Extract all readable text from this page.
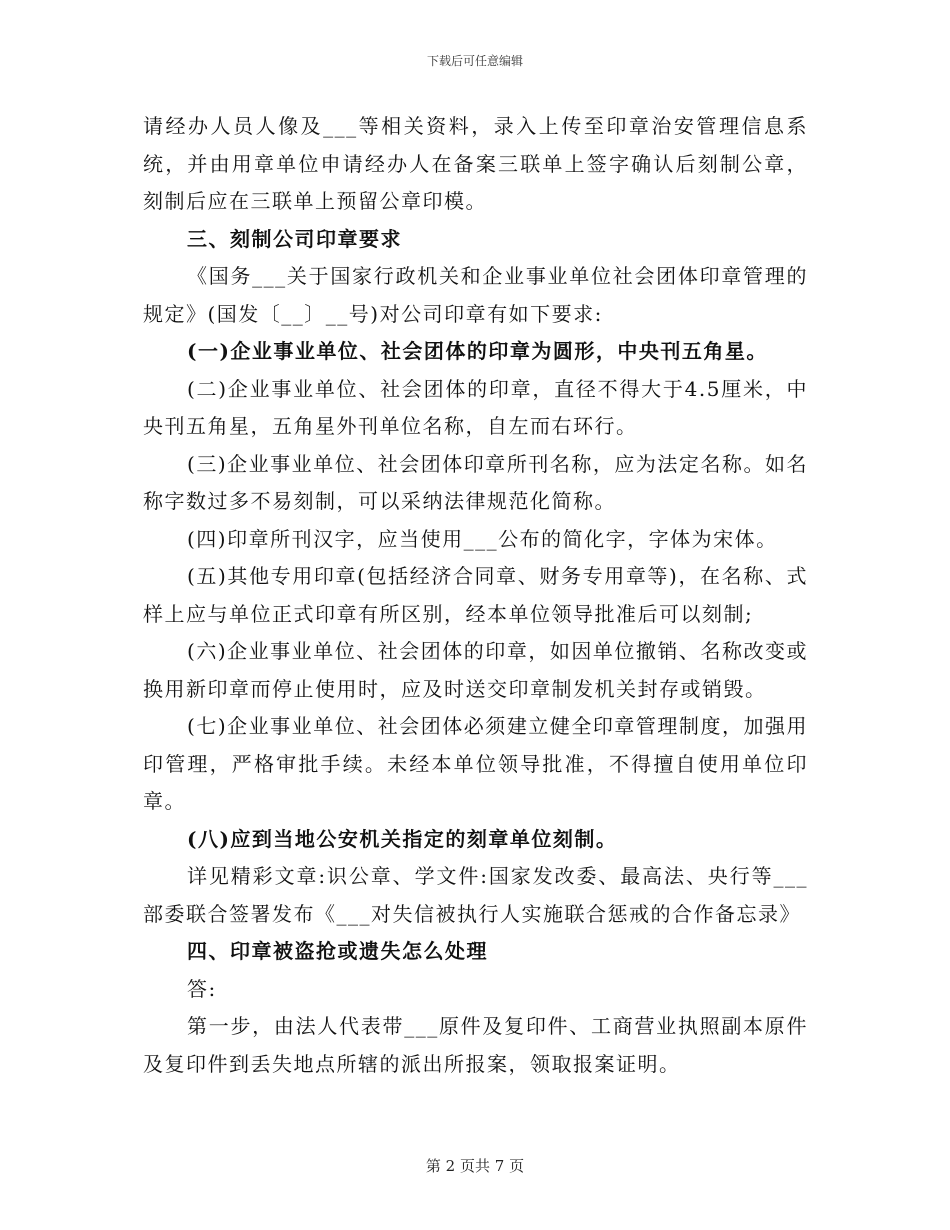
下载后可任意编辑

请经办人员人像及___等相关资料，录入上传至印章治安管理信息系统，并由用章单位申请经办人在备案三联单上签字确认后刻制公章，刻制后应在三联单上预留公章印模。

三、刻制公司印章要求

《国务___关于国家行政机关和企业事业单位社会团体印章管理的规定》(国发〔__〕__号)对公司印章有如下要求:

(一)企业事业单位、社会团体的印章为圆形，中央刊五角星。

(二)企业事业单位、社会团体的印章，直径不得大于4.5厘米，中央刊五角星，五角星外刊单位名称，自左而右环行。

(三)企业事业单位、社会团体印章所刊名称，应为法定名称。如名称字数过多不易刻制，可以采纳法律规范化简称。

(四)印章所刊汉字，应当使用___公布的简化字，字体为宋体。

(五)其他专用印章(包括经济合同章、财务专用章等)，在名称、式样上应与单位正式印章有所区别，经本单位领导批准后可以刻制;

(六)企业事业单位、社会团体的印章，如因单位撤销、名称改变或换用新印章而停止使用时，应及时送交印章制发机关封存或销毁。

(七)企业事业单位、社会团体必须建立健全印章管理制度，加强用印管理，严格审批手续。未经本单位领导批准，不得擅自使用单位印章。

(八)应到当地公安机关指定的刻章单位刻制。

详见精彩文章:识公章、学文件:国家发改委、最高法、央行等___部委联合签署发布《___对失信被执行人实施联合惩戒的合作备忘录》

四、印章被盗抢或遗失怎么处理

答:

第一步，由法人代表带___原件及复印件、工商营业执照副本原件及复印件到丢失地点所辖的派出所报案，领取报案证明。

第 2 页共 7 页
